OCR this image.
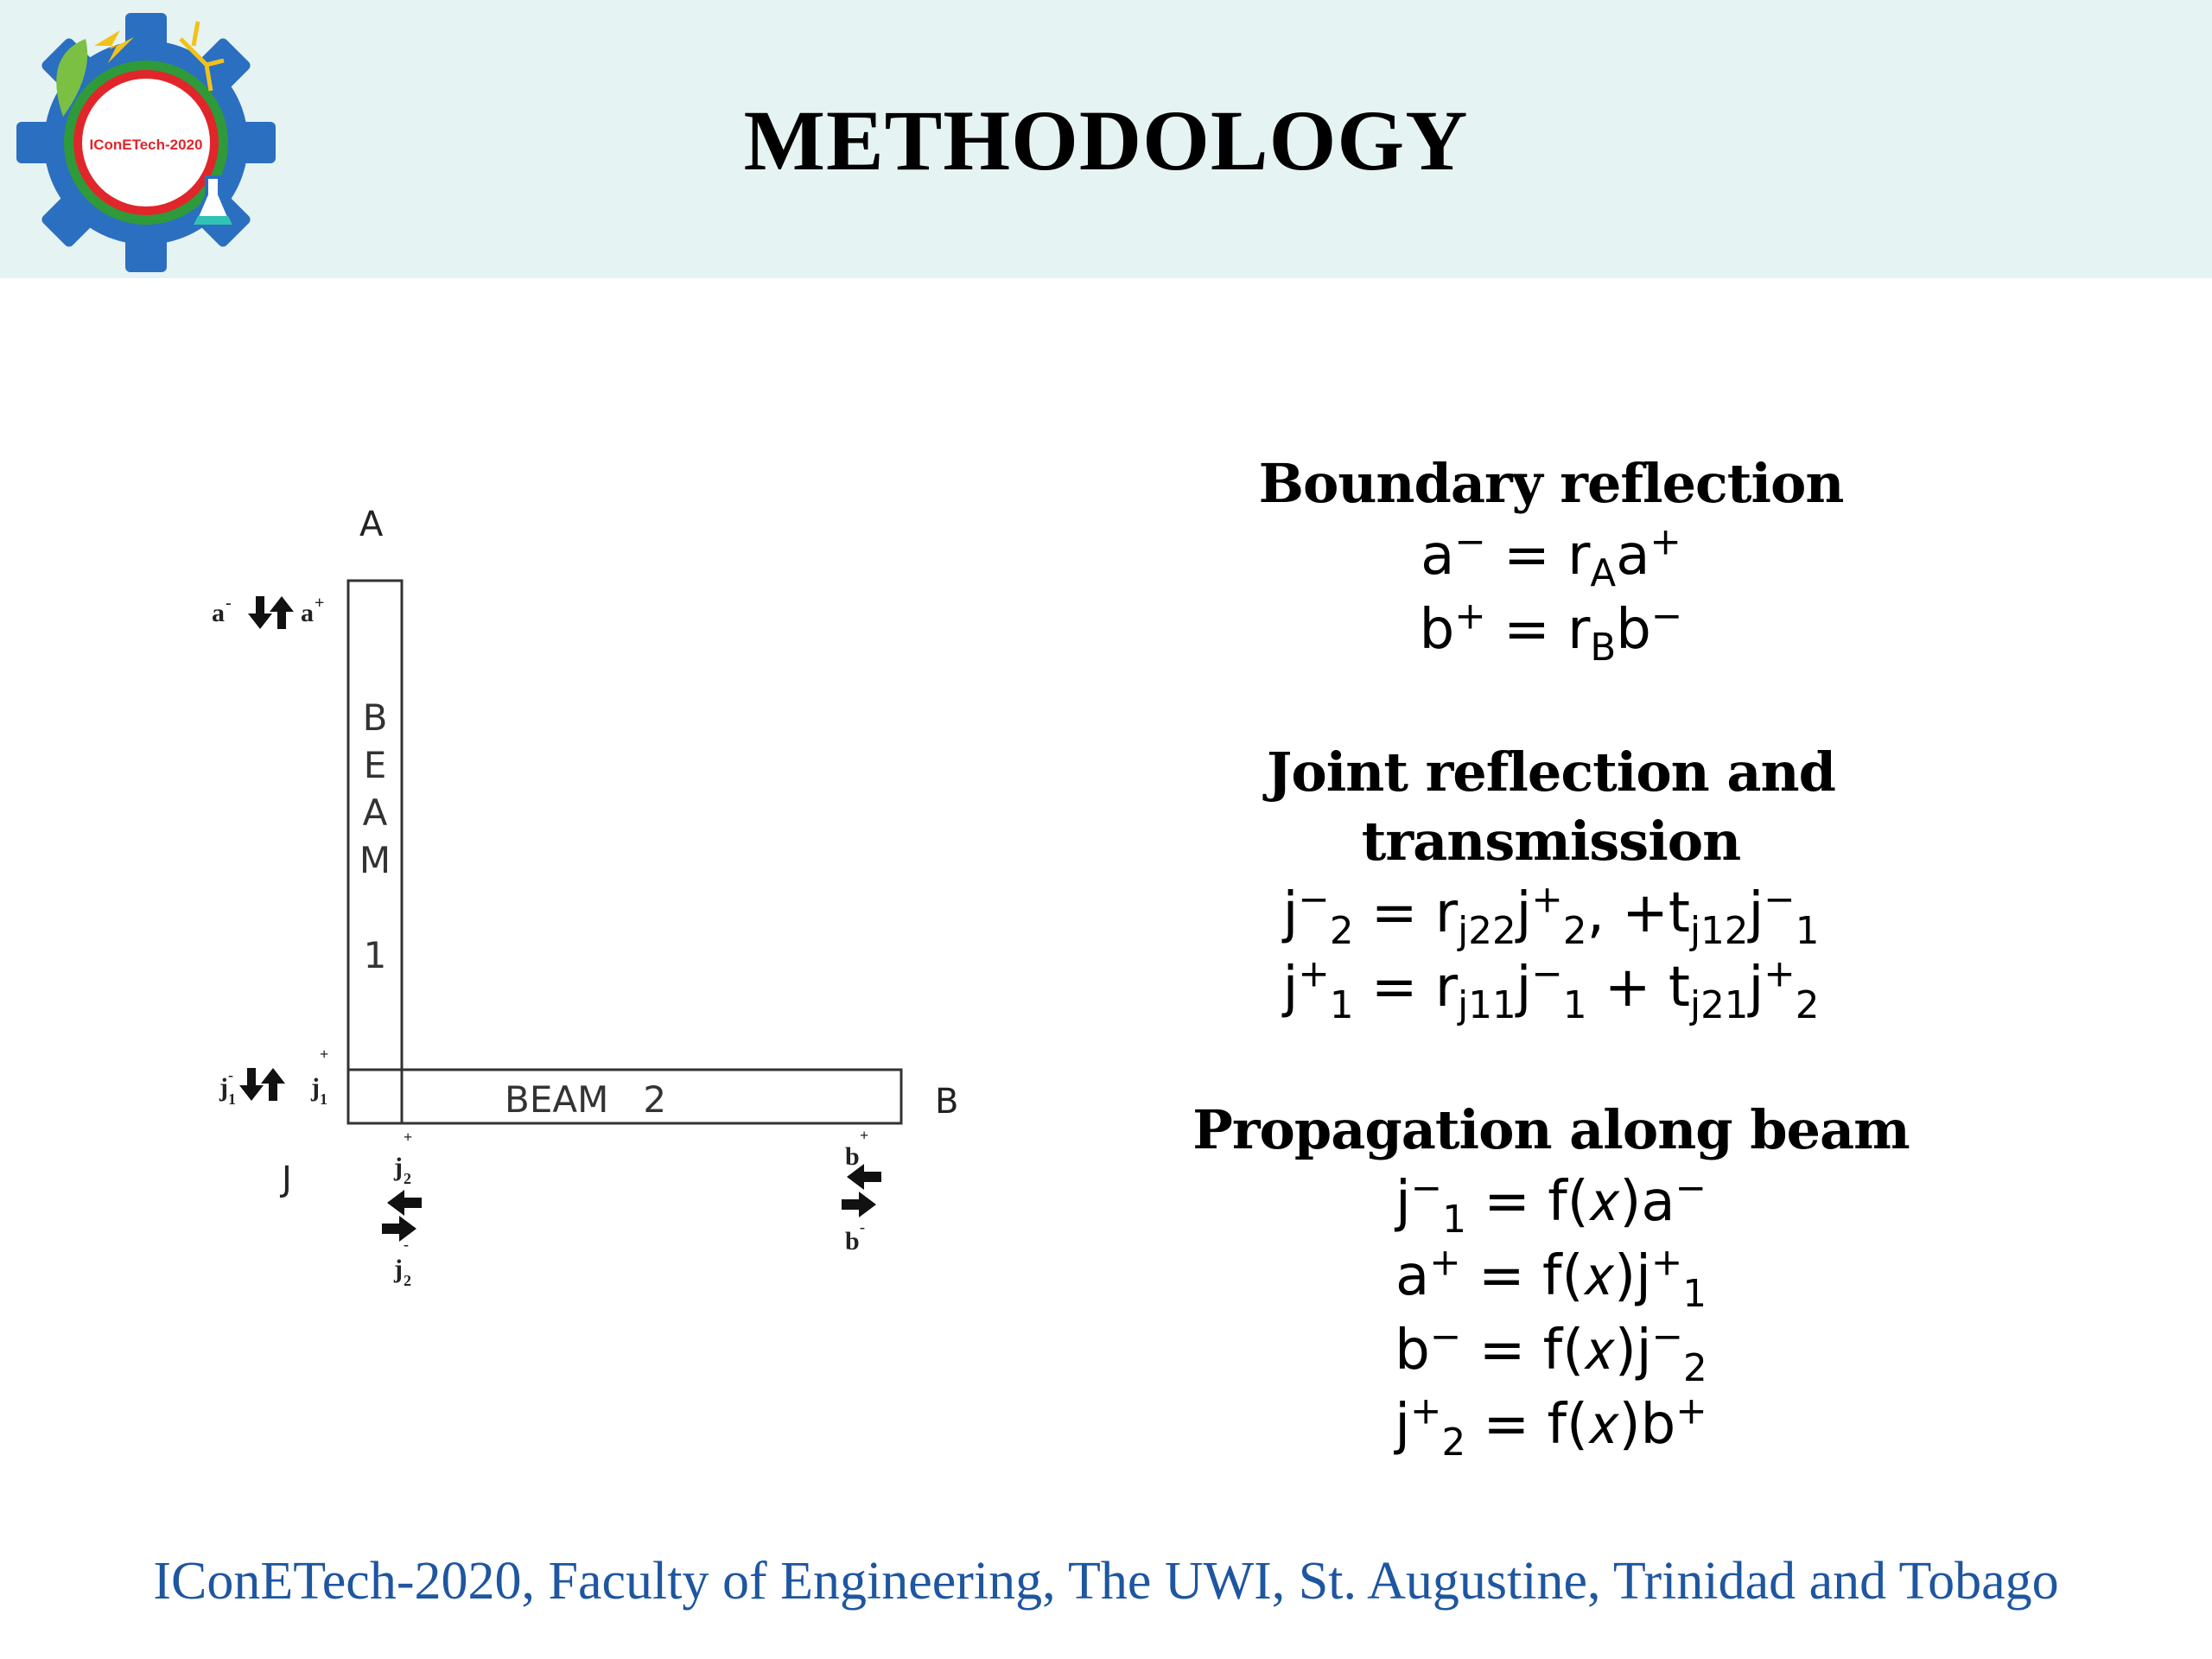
IConETech-2020	METHODOLOGY
A
B
J
B
E
A
M
1
BEAM   2
a -	a +
j 1
-	j 1
+
j 2
+
j 2
-
b
+
b -
Boundary reflection
$a^- = r_Aa^+$
$b^+ = r_Bb^-$
Joint reflection and transmission
$j^-_2 = r_{j22}j^+_2$, $+t_{j12}j^-_1$
$j^+_1 = r_{j11}j^-_1 + t_{j21}j^+_2$
Propagation along beam
$j^-_1$ = f(𝑥)a−
$a^+ = f(𝑥)j^+_1$
$b^- = f(𝑥)j^-_2$
$j^+_2$ = f(𝑥)b+
IConETech-2020, Faculty of Engineering, The UWI, St. Augustine, Trinidad and Tobago
